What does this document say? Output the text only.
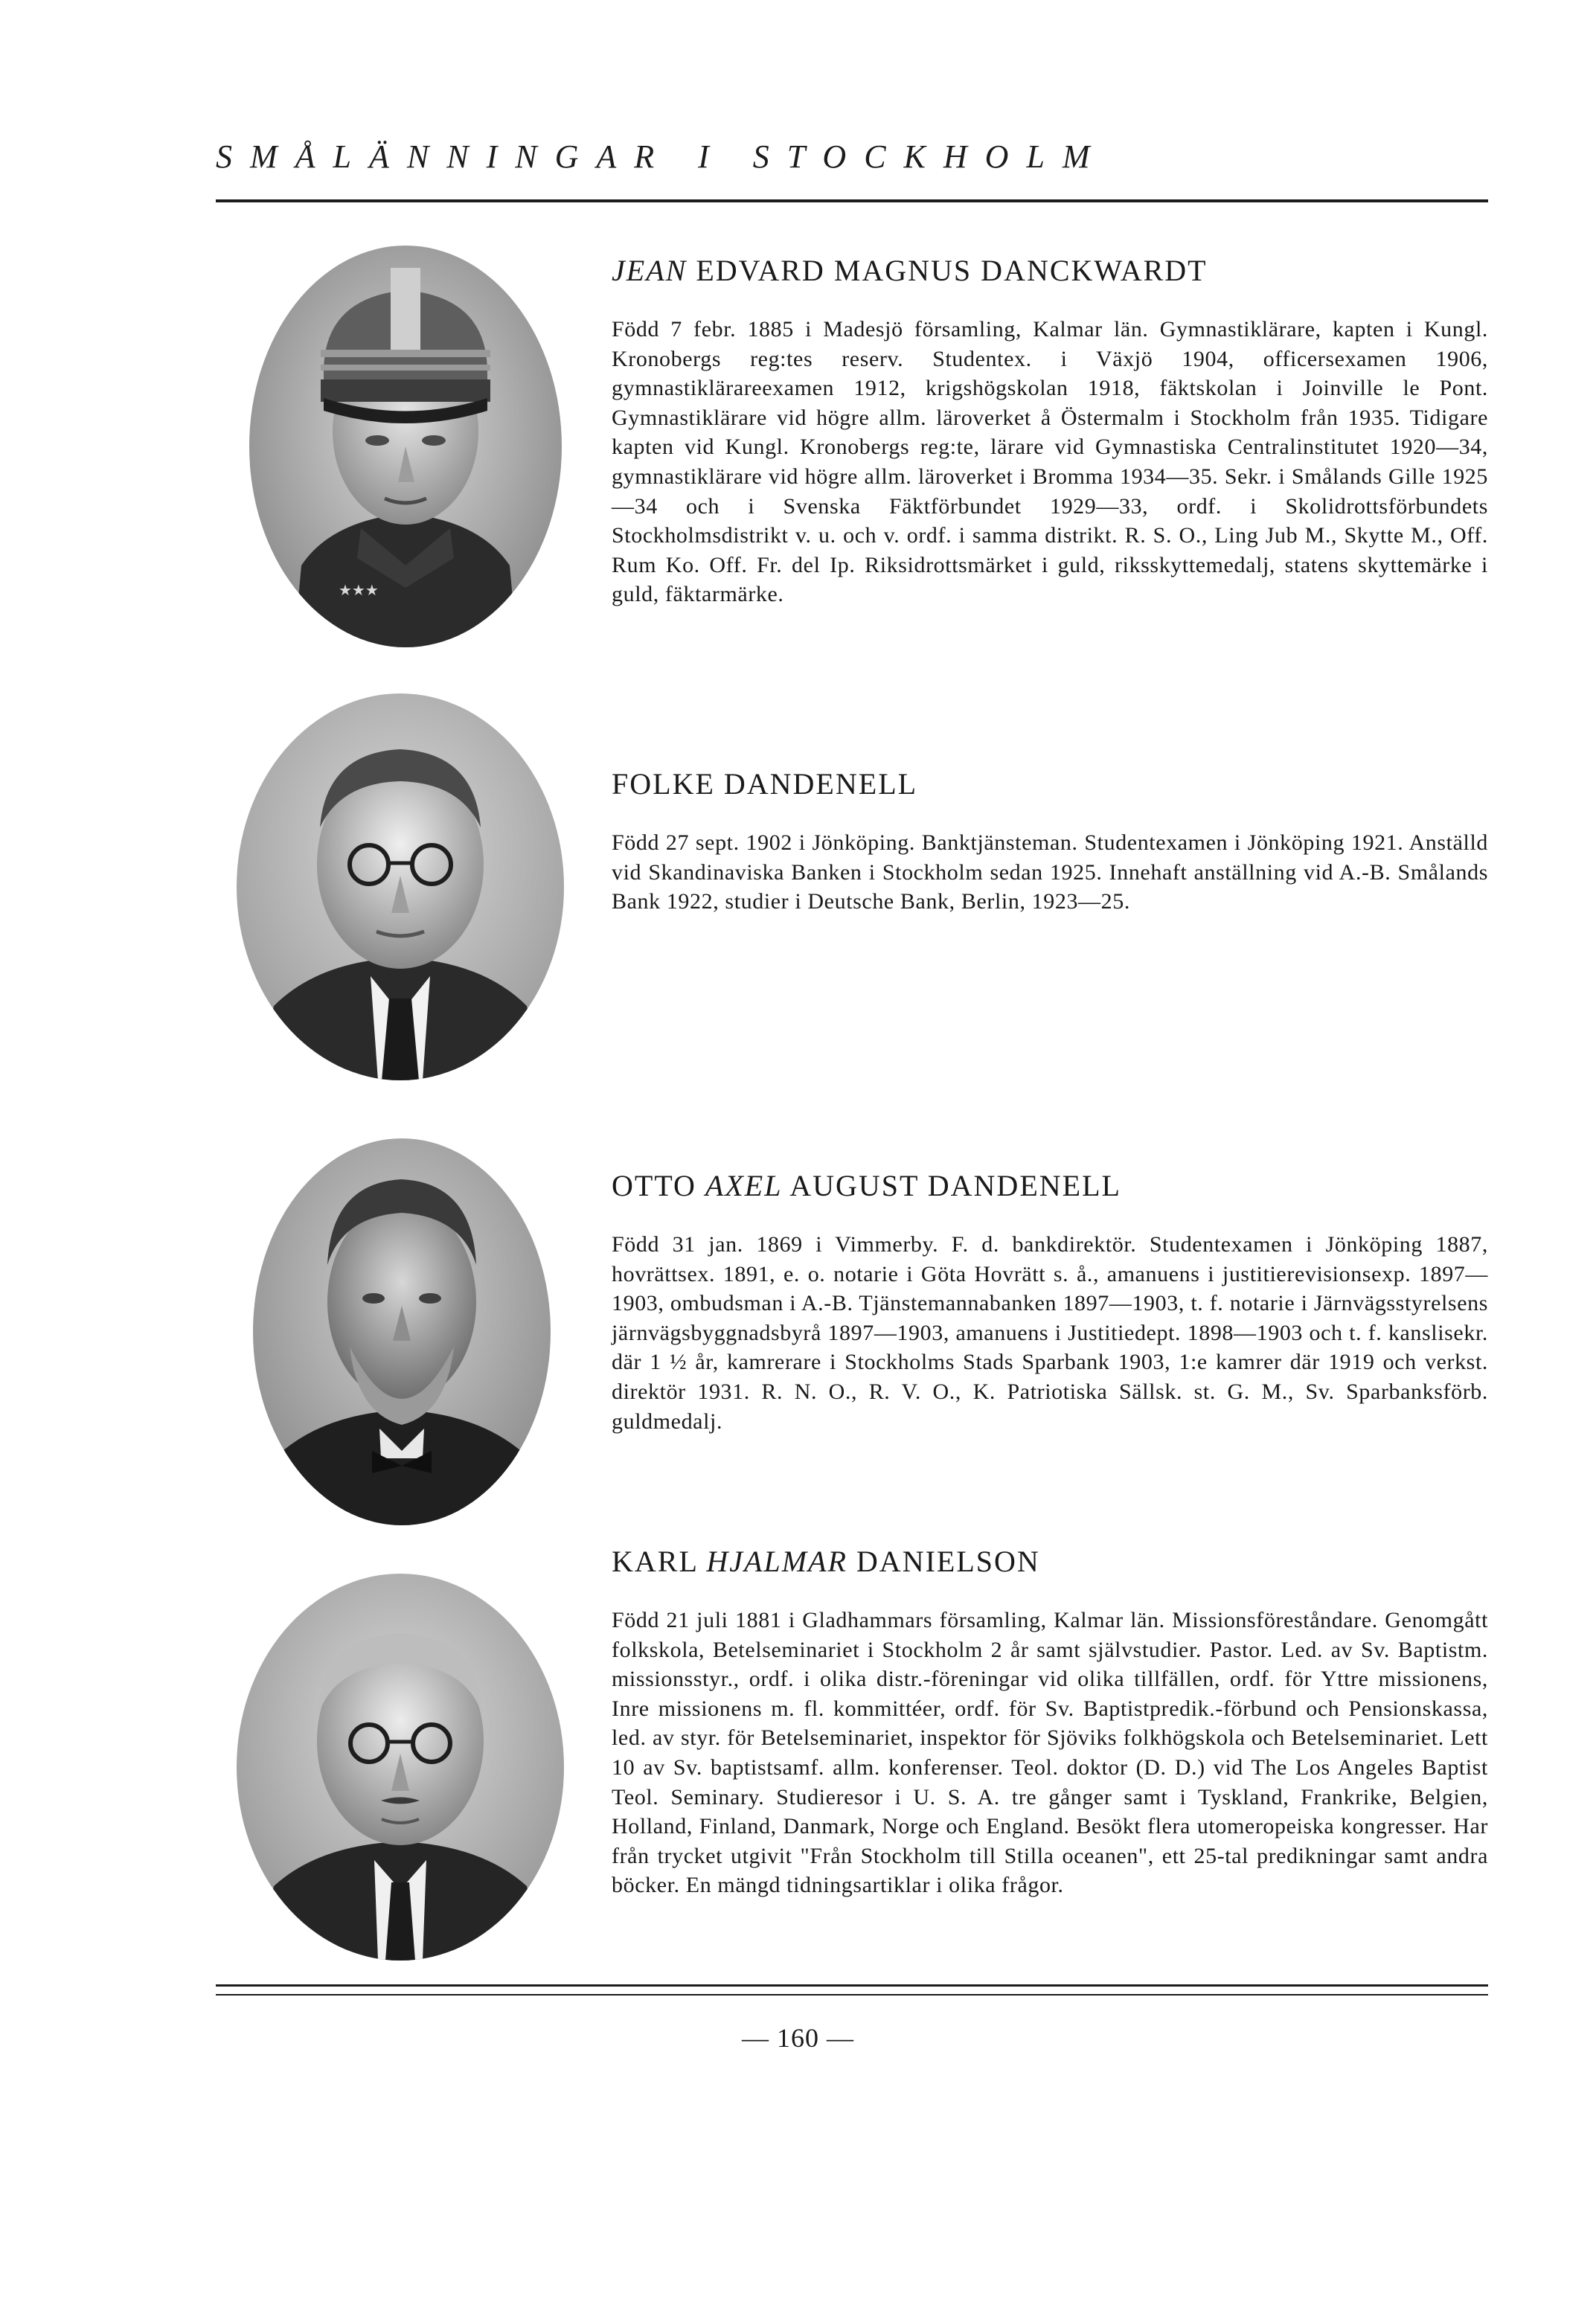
SMÅLÄNNINGAR I STOCKHOLM
★★★
JEAN EDVARD MAGNUS DANCKWARDT

Född 7 febr. 1885 i Madesjö församling, Kalmar län. Gymnastiklärare, kapten i Kungl. Kronobergs reg:tes reserv. Studentex. i Växjö 1904, officersexamen 1906, gymnastiklärareexamen 1912, krigshögskolan 1918, fäktskolan i Joinville le Pont. Gymnastiklärare vid högre allm. läroverket å Östermalm i Stockholm från 1935. Tidigare kapten vid Kungl. Kronobergs reg:te, lärare vid Gymnastiska Centralinstitutet 1920—34, gymnastiklärare vid högre allm. läroverket i Bromma 1934—35. Sekr. i Smålands Gille 1925—34 och i Svenska Fäktförbundet 1929—33, ordf. i Skolidrottsförbundets Stockholmsdistrikt v. u. och v. ordf. i samma distrikt. R. S. O., Ling Jub M., Skytte M., Off. Rum Ko. Off. Fr. del Ip. Riksidrottsmärket i guld, riksskyttemedalj, statens skyttemärke i guld, fäktarmärke.

FOLKE DANDENELL

Född 27 sept. 1902 i Jönköping. Banktjänsteman. Studentexamen i Jönköping 1921. Anställd vid Skandinaviska Banken i Stockholm sedan 1925. Innehaft anställning vid A.-B. Smålands Bank 1922, studier i Deutsche Bank, Berlin, 1923—25.

OTTO AXEL AUGUST DANDENELL

Född 31 jan. 1869 i Vimmerby. F. d. bankdirektör. Studentexamen i Jönköping 1887, hovrättsex. 1891, e. o. notarie i Göta Hovrätt s. å., amanuens i justitierevisionsexp. 1897—1903, ombudsman i A.-B. Tjänstemannabanken 1897—1903, t. f. notarie i Järnvägsstyrelsens järnvägsbyggnadsbyrå 1897—1903, amanuens i Justitiedept. 1898—1903 och t. f. kanslisekr. där 1 ½ år, kamrerare i Stockholms Stads Sparbank 1903, 1:e kamrer där 1919 och verkst. direktör 1931. R. N. O., R. V. O., K. Patriotiska Sällsk. st. G. M., Sv. Sparbanksförb. guldmedalj.

KARL HJALMAR DANIELSON

Född 21 juli 1881 i Gladhammars församling, Kalmar län. Missionsföreståndare. Genomgått folkskola, Betelseminariet i Stockholm 2 år samt självstudier. Pastor. Led. av Sv. Baptistm. missionsstyr., ordf. i olika distr.-föreningar vid olika tillfällen, ordf. för Yttre missionens, Inre missionens m. fl. kommittéer, ordf. för Sv. Baptistpredik.-förbund och Pensionskassa, led. av styr. för Betelseminariet, inspektor för Sjöviks folkhögskola och Betelseminariet. Lett 10 av Sv. baptistsamf. allm. konferenser. Teol. doktor (D. D.) vid The Los Angeles Baptist Teol. Seminary. Studieresor i U. S. A. tre gånger samt i Tyskland, Frankrike, Belgien, Holland, Finland, Danmark, Norge och England. Besökt flera utomeropeiska kongresser. Har från trycket utgivit "Från Stockholm till Stilla oceanen", ett 25-tal predikningar samt andra böcker. En mängd tidningsartiklar i olika frågor.

— 160 —
